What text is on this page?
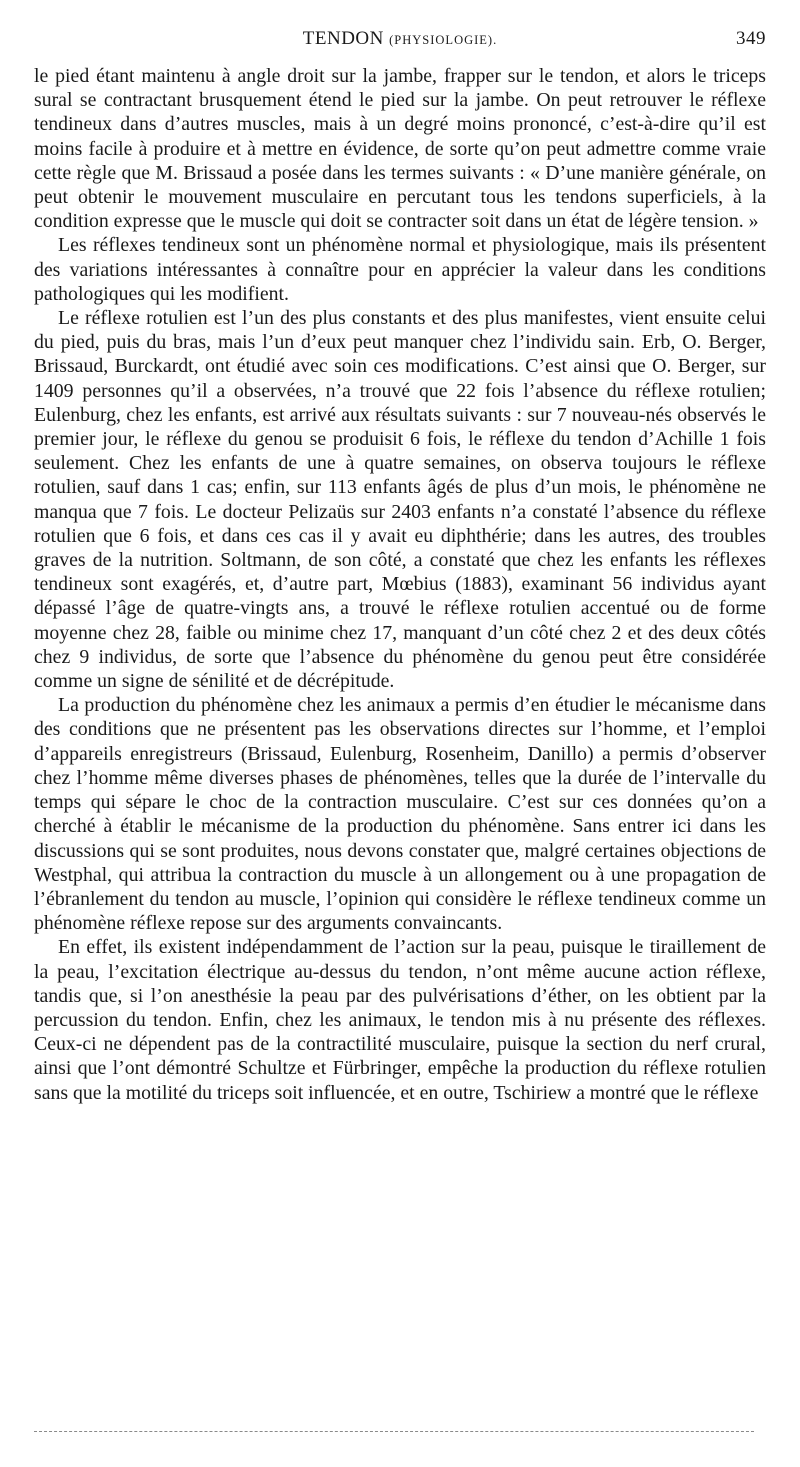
TENDON (PHYSIOLOGIE).	349

le pied étant maintenu à angle droit sur la jambe, frapper sur le tendon, et alors le triceps sural se contractant brusquement étend le pied sur la jambe. On peut retrouver le réflexe tendineux dans d’autres muscles, mais à un degré moins prononcé, c’est-à-dire qu’il est moins facile à produire et à mettre en évidence, de sorte qu’on peut admettre comme vraie cette règle que M. Brissaud a posée dans les termes suivants : « D’une manière générale, on peut obtenir le mouvement musculaire en percutant tous les tendons superficiels, à la condition expresse que le muscle qui doit se contracter soit dans un état de légère tension. »

Les réflexes tendineux sont un phénomène normal et physiologique, mais ils présentent des variations intéressantes à connaître pour en apprécier la valeur dans les conditions pathologiques qui les modifient.

Le réflexe rotulien est l’un des plus constants et des plus manifestes, vient ensuite celui du pied, puis du bras, mais l’un d’eux peut manquer chez l’individu sain. Erb, O. Berger, Brissaud, Burckardt, ont étudié avec soin ces modifications. C’est ainsi que O. Berger, sur 1409 personnes qu’il a observées, n’a trouvé que 22 fois l’absence du réflexe rotulien; Eulenburg, chez les enfants, est arrivé aux résultats suivants : sur 7 nouveau-nés observés le premier jour, le réflexe du genou se produisit 6 fois, le réflexe du tendon d’Achille 1 fois seulement. Chez les enfants de une à quatre semaines, on observa toujours le réflexe rotulien, sauf dans 1 cas; enfin, sur 113 enfants âgés de plus d’un mois, le phénomène ne manqua que 7 fois. Le docteur Pelizaüs sur 2403 enfants n’a constaté l’absence du réflexe rotulien que 6 fois, et dans ces cas il y avait eu diphthérie; dans les autres, des troubles graves de la nutrition. Soltmann, de son côté, a constaté que chez les enfants les réflexes tendineux sont exagérés, et, d’autre part, Mœbius (1883), examinant 56 individus ayant dépassé l’âge de quatre-vingts ans, a trouvé le réflexe rotulien accentué ou de forme moyenne chez 28, faible ou minime chez 17, manquant d’un côté chez 2 et des deux côtés chez 9 individus, de sorte que l’absence du phénomène du genou peut être considérée comme un signe de sénilité et de décrépitude.

La production du phénomène chez les animaux a permis d’en étudier le mécanisme dans des conditions que ne présentent pas les observations directes sur l’homme, et l’emploi d’appareils enregistreurs (Brissaud, Eulenburg, Rosenheim, Danillo) a permis d’observer chez l’homme même diverses phases de phénomènes, telles que la durée de l’intervalle du temps qui sépare le choc de la contraction musculaire. C’est sur ces données qu’on a cherché à établir le mécanisme de la production du phénomène. Sans entrer ici dans les discussions qui se sont produites, nous devons constater que, malgré certaines objections de Westphal, qui attribua la contraction du muscle à un allongement ou à une propagation de l’ébranlement du tendon au muscle, l’opinion qui considère le réflexe tendineux comme un phénomène réflexe repose sur des arguments convaincants.

En effet, ils existent indépendamment de l’action sur la peau, puisque le tiraillement de la peau, l’excitation électrique au-dessus du tendon, n’ont même aucune action réflexe, tandis que, si l’on anesthésie la peau par des pulvérisations d’éther, on les obtient par la percussion du tendon. Enfin, chez les animaux, le tendon mis à nu présente des réflexes. Ceux-ci ne dépendent pas de la contractilité musculaire, puisque la section du nerf crural, ainsi que l’ont démontré Schultze et Fürbringer, empêche la production du réflexe rotulien sans que la motilité du triceps soit influencée, et en outre, Tschiriew a montré que le réflexe
